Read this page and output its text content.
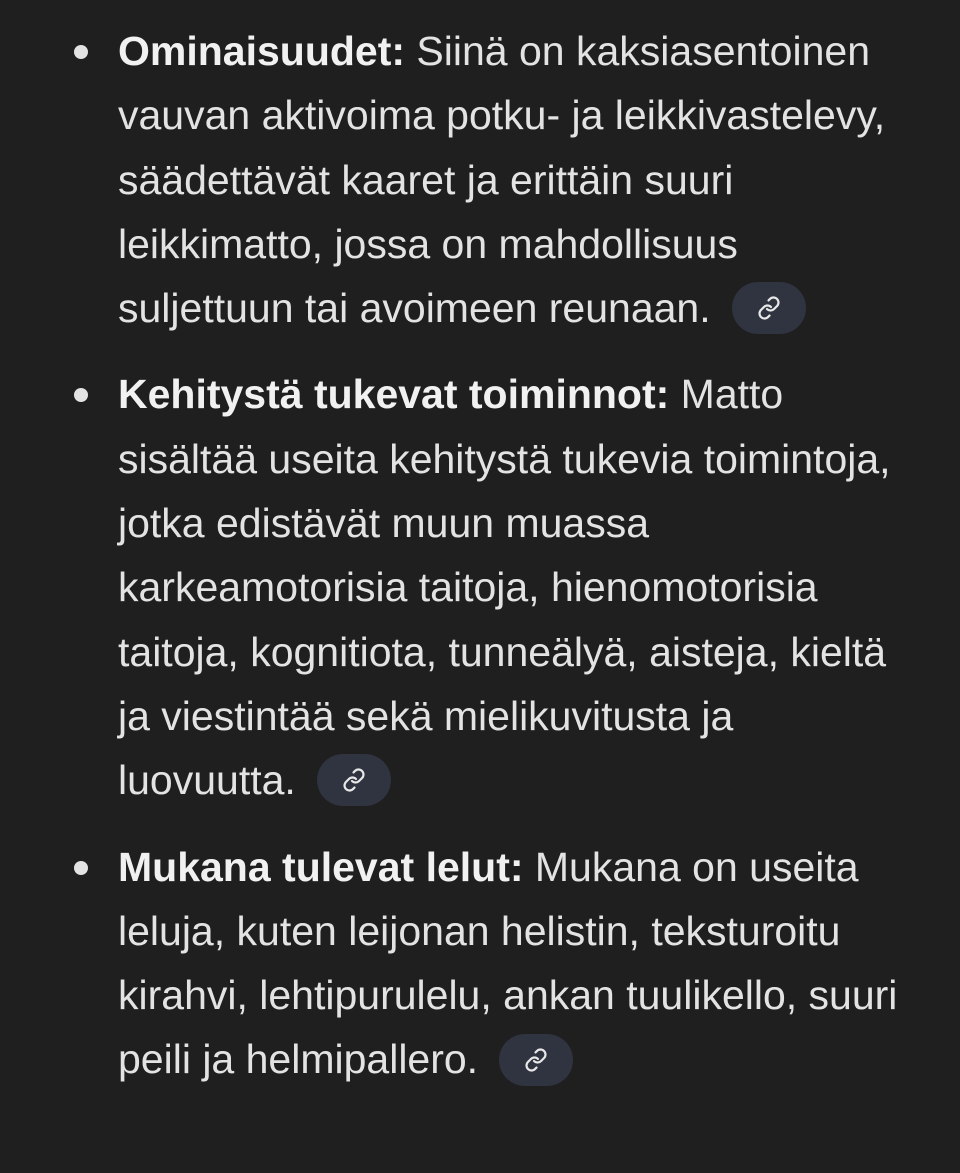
Ominaisuudet: Siinä on kaksiasentoinen vauvan aktivoima potku- ja leikkivastelevy, säädettävät kaaret ja erittäin suuri leikkimatto, jossa on mahdollisuus suljettuun tai avoimeen reunaan.
Kehitystä tukevat toiminnot: Matto sisältää useita kehitystä tukevia toimintoja, jotka edistävät muun muassa karkeamotorisia taitoja, hienomotorisia taitoja, kognitiota, tunneälyä, aisteja, kieltä ja viestintää sekä mielikuvitusta ja luovuutta.
Mukana tulevat lelut: Mukana on useita leluja, kuten leijonan helistin, teksturoitu kirahvi, lehtipurulelu, ankan tuulikello, suuri peili ja helmipallero.
